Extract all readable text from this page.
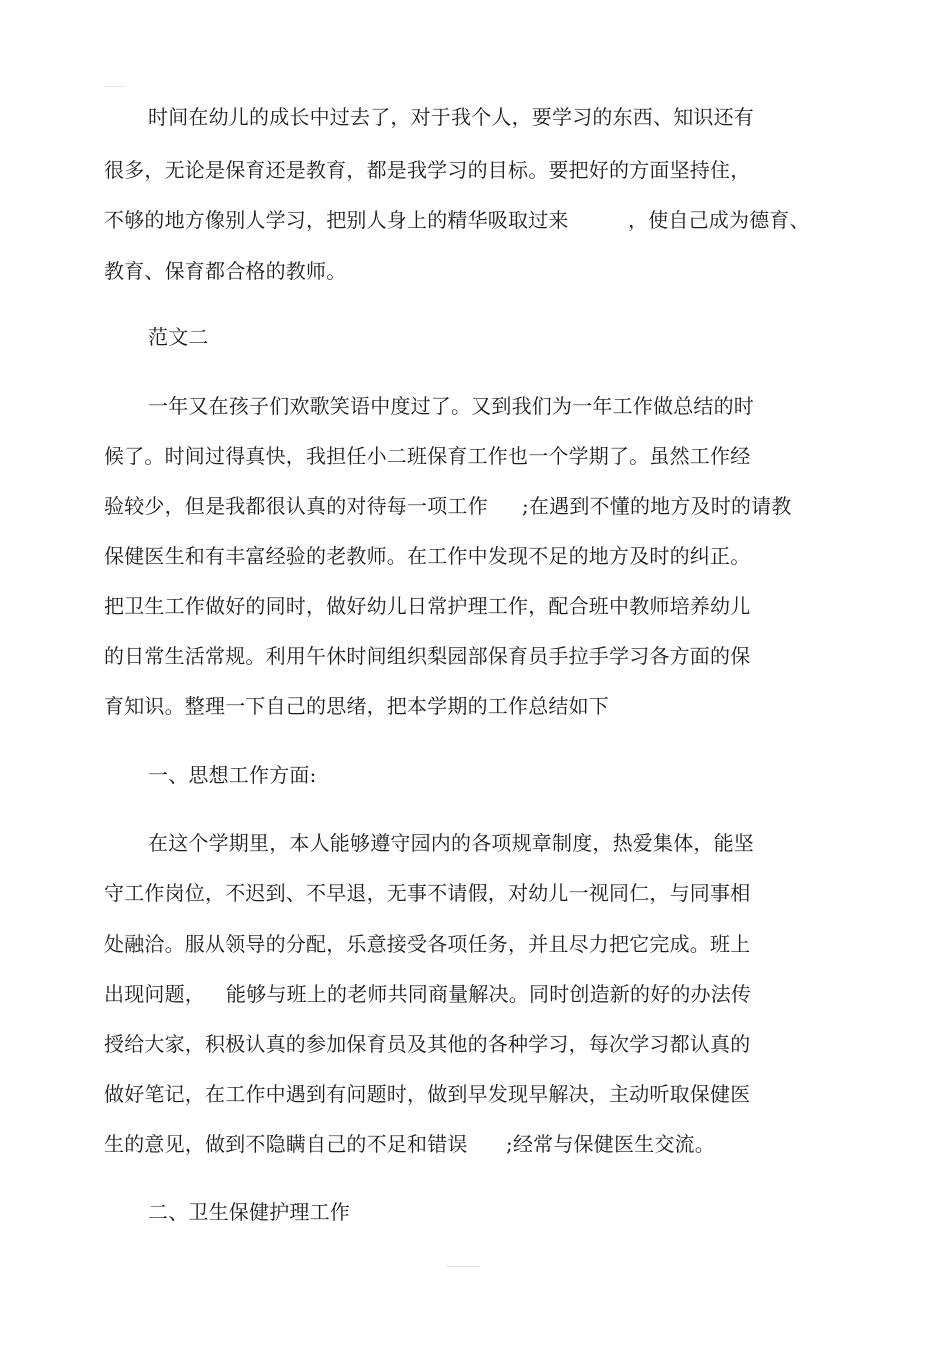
时间在幼儿的成长中过去了，对于我个人，要学习的东西、知识还有
很多，无论是保育还是教育，都是我学习的目标。要把好的方面坚持住，
不够的地方像别人学习，把别人身上的精华吸取过来	，使自己成为德育、
教育、保育都合格的教师。
范文二
一年又在孩子们欢歌笑语中度过了。又到我们为一年工作做总结的时
候了。时间过得真快，我担任小二班保育工作也一个学期了。虽然工作经
验较少，但是我都很认真的对待每一项工作 ;在遇到不懂的地方及时的请教
保健医生和有丰富经验的老教师。在工作中发现不足的地方及时的纠正。
把卫生工作做好的同时，做好幼儿日常护理工作，配合班中教师培养幼儿
的日常生活常规。利用午休时间组织梨园部保育员手拉手学习各方面的保
育知识。整理一下自己的思绪，把本学期的工作总结如下
一、思想工作方面:
在这个学期里，本人能够遵守园内的各项规章制度，热爱集体，能坚
守工作岗位，不迟到、不早退，无事不请假，对幼儿一视同仁，与同事相
处融洽。服从领导的分配，乐意接受各项任务，并且尽力把它完成。班上
出现问题， 能够与班上的老师共同商量解决。同时创造新的好的办法传
授给大家，积极认真的参加保育员及其他的各种学习，每次学习都认真的
做好笔记，在工作中遇到有问题时，做到早发现早解决，主动听取保健医
生的意见，做到不隐瞒自己的不足和错误 ;经常与保健医生交流。
二、卫生保健护理工作
